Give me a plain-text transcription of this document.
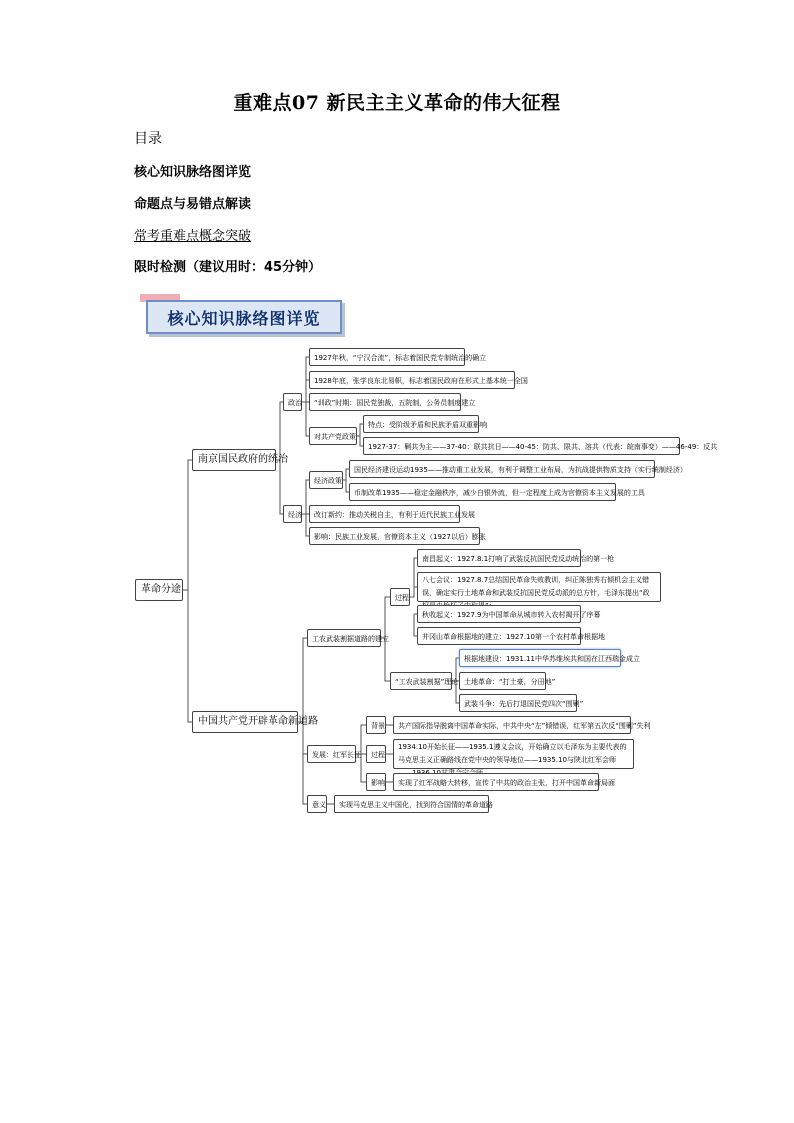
重难点07 新民主主义革命的伟大征程
目录
核心知识脉络图详览
命题点与易错点解读
常考重难点概念突破
限时检测（建议用时：45分钟）
核心知识脉络图详览
革命分途
南京国民政府的统治
政治
1927年秋，“宁汉合流”，标志着国民党专制统治的确立
1928年底，张学良东北易帜，标志着国民政府在形式上基本统一全国
“训政”时期：国民党独裁，五院制，公务员制度建立
对共产党政策
特点：受阶级矛盾和民族矛盾双重影响
1927-37：剿共为主——37-40：联共抗日——40-45：防共、限共、溶共（代表：皖南事变）——46-49：反共
经济
经济政策
国民经济建设运动1935——推动重工业发展，有利于调整工业布局，为抗战提供物质支持（实行统制经济）
币制改革1935——稳定金融秩序，减少白银外流，但一定程度上成为官僚资本主义发展的工具
改订新约：推动关税自主，有利于近代民族工业发展
影响：民族工业发展，官僚资本主义（1927以后）膨胀
中国共产党开辟革命新道路
工农武装割据道路的建立
过程
南昌起义：1927.8.1打响了武装反抗国民党反动统治的第一枪
八七会议：1927.8.7总结国民革命失败教训，纠正陈独秀右倾机会主义错误，确定实行土地革命和武装反抗国民党反动派的总方针，毛泽东提出“政
秋收起义：1927.9为中国革命从城市转入农村揭开了序幕
井冈山革命根据地的建立：1927.10第一个农村革命根据地
“工农武装割据”理论
根据地建设：1931.11中华苏维埃共和国在江西瑞金成立
土地革命：“打土豪，分田地”
武装斗争：先后打退国民党四次“围剿”
发展：红军长征
背景	共产国际指导脱离中国革命实际，中共中央“左”倾错误，红军第五次反“围剿”失利
过程
1934.10开始长征——1935.1遵义会议，开始确立以毛泽东为主要代表的马克思主义正确路线在党中央的领导地位——1935.10与陕北红军会师
影响	实现了红军战略大转移，宣传了中共的政治主张，打开中国革命新局面
意义	实现马克思主义中国化，找到符合国情的革命道路
